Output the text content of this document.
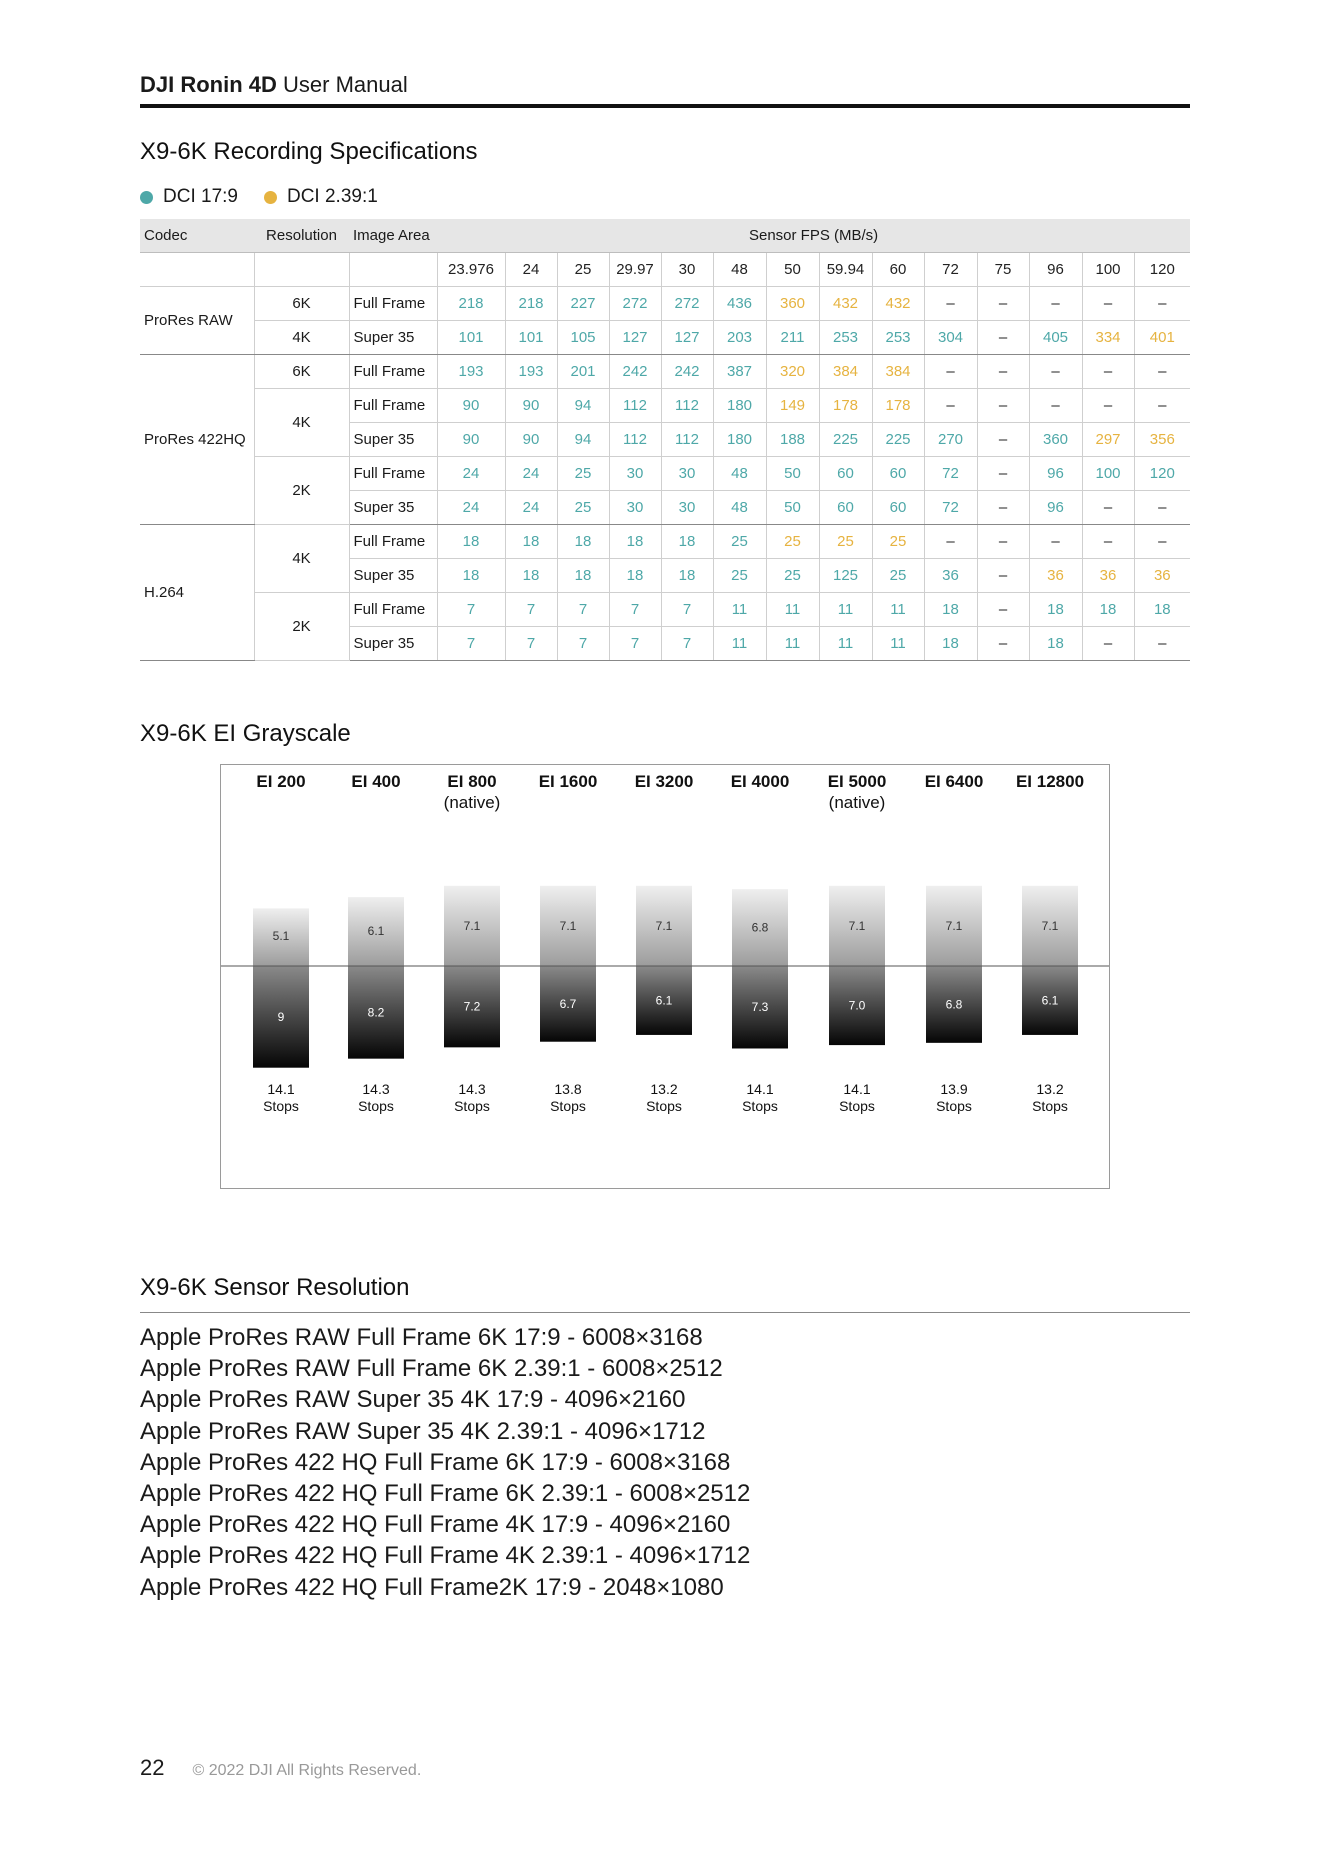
DJI Ronin 4D User Manual
X9-6K Recording Specifications
DCI 17:9	DCI 2.39:1
Codec	Resolution	Image Area	Sensor FPS (MB/s)													
			23.976	24	25	29.97	30	48	50	59.94	60	72	75	96	100	120
ProRes RAW	6K	Full Frame	218	218	227	272	272	436	360	432	432	–	–	–	–	–
	4K	Super 35	101	101	105	127	127	203	211	253	253	304	–	405	334	401
ProRes 422HQ	6K	Full Frame	193	193	201	242	242	387	320	384	384	–	–	–	–	–
	4K	Full Frame	90	90	94	112	112	180	149	178	178	–	–	–	–	–
		Super 35	90	90	94	112	112	180	188	225	225	270	–	360	297	356
	2K	Full Frame	24	24	25	30	30	48	50	60	60	72	–	96	100	120
		Super 35	24	24	25	30	30	48	50	60	60	72	–	96	–	–
H.264	4K	Full Frame	18	18	18	18	18	25	25	25	25	–	–	–	–	–
		Super 35	18	18	18	18	18	25	25	125	25	36	–	36	36	36
	2K	Full Frame	7	7	7	7	7	11	11	11	11	18	–	18	18	18
		Super 35	7	7	7	7	7	11	11	11	11	18	–	18	–	–
X9-6K EI Grayscale
EI 200
5.1
9
14.1
Stops
EI 400
6.1
8.2
14.3
Stops
EI 800
(native)
7.1
7.2
14.3
Stops
EI 1600
7.1
6.7
13.8
Stops
EI 3200
7.1
6.1
13.2
Stops
EI 4000
6.8
7.3
14.1
Stops
EI 5000
(native)
7.1
7.0
14.1
Stops
EI 6400
7.1
6.8
13.9
Stops
EI 12800
7.1
6.1
13.2
Stops
X9-6K Sensor Resolution
Apple ProRes RAW Full Frame 6K 17:9 - 6008×3168
Apple ProRes RAW Full Frame 6K 2.39:1 - 6008×2512
Apple ProRes RAW Super 35 4K 17:9 - 4096×2160
Apple ProRes RAW Super 35 4K 2.39:1 - 4096×1712
Apple ProRes 422 HQ Full Frame 6K 17:9 - 6008×3168
Apple ProRes 422 HQ Full Frame 6K 2.39:1 - 6008×2512
Apple ProRes 422 HQ Full Frame 4K 17:9 - 4096×2160
Apple ProRes 422 HQ Full Frame 4K 2.39:1 - 4096×1712
Apple ProRes 422 HQ Full Frame2K 17:9 - 2048×1080
22 © 2022 DJI All Rights Reserved.
